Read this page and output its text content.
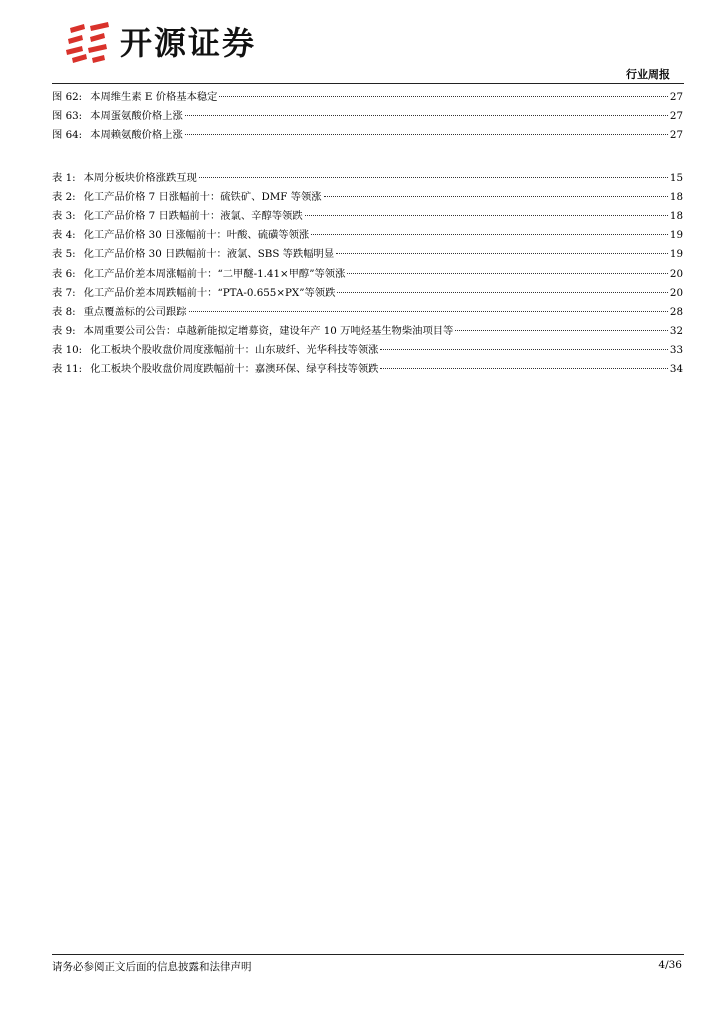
开源证券
行业周报
图 62: 本周维生素 E 价格基本稳定	27
图 63: 本周蛋氨酸价格上涨	27
图 64: 本周赖氨酸价格上涨	27
表 1: 本周分板块价格涨跌互现	15
表 2: 化工产品价格 7 日涨幅前十：硫铁矿、DMF 等领涨	18
表 3: 化工产品价格 7 日跌幅前十：液氯、辛醇等领跌	18
表 4: 化工产品价格 30 日涨幅前十：叶酸、硫磺等领涨	19
表 5: 化工产品价格 30 日跌幅前十：液氯、SBS 等跌幅明显	19
表 6: 化工产品价差本周涨幅前十：“二甲醚-1.41×甲醇”等领涨	20
表 7: 化工产品价差本周跌幅前十：“PTA-0.655×PX”等领跌	20
表 8: 重点覆盖标的公司跟踪	28
表 9: 本周重要公司公告：卓越新能拟定增募资，建设年产 10 万吨烃基生物柴油项目等	32
表 10: 化工板块个股收盘价周度涨幅前十：山东玻纤、光华科技等领涨	33
表 11: 化工板块个股收盘价周度跌幅前十：嘉澳环保、绿亨科技等领跌	34
请务必参阅正文后面的信息披露和法律声明	4/36
